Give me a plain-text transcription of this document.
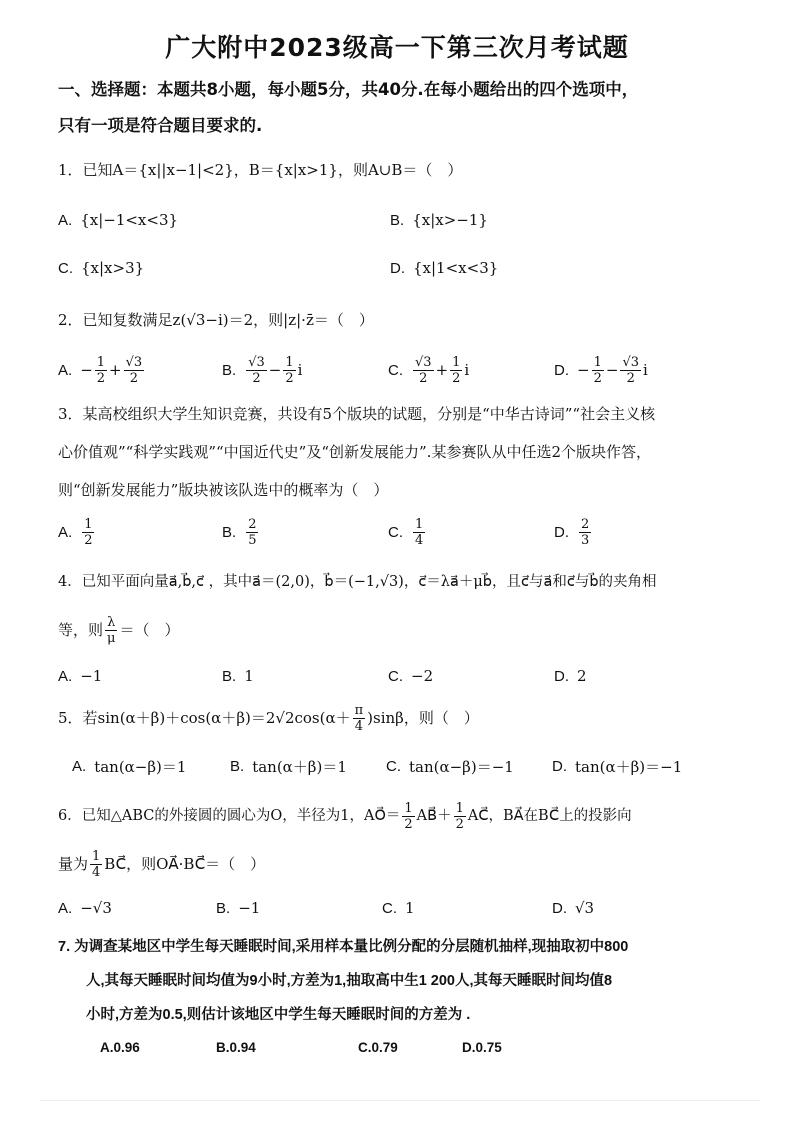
广大附中2023级高一下第三次月考试题
一、选择题：本题共8小题，每小题5分，共40分.在每小题给出的四个选项中，
只有一项是符合题目要求的.
1．已知A＝{x||x−1|<2}，B＝{x|x>1}，则A∪B＝（　）
A. {x|−1<x<3}	B. {x|x>−1}
C. {x|x>3}	D. {x|1<x<3}
2．已知复数满足z(√3−i)＝2，则|z|·z̄＝（　）
A. − $\frac{1}{2} + \frac{√3}{2}$	B. $\frac{√3}{2} - \frac{1}{2}$ i	C. $\frac{√3}{2} + \frac{1}{2}$ i	D. − $\frac{1}{2} - \frac{√3}{2}$ i
3．某高校组织大学生知识竞赛，共设有5个版块的试题，分别是“中华古诗词”“社会主义核
心价值观”“科学实践观”“中国近代史”及“创新发展能力”.某参赛队从中任选2个版块作答，
则“创新发展能力”版块被该队选中的概率为（　）
A. $\frac{1}{2}$	B. $\frac{2}{5}$	C. $\frac{1}{4}$	D. $\frac{2}{3}$
4．已知平面向量a⃗,b⃗,c⃗ ，其中a⃗＝(2,0)，b⃗＝(−1,√3)，c⃗＝λa⃗＋μb⃗，且c⃗与a⃗和c⃗与b⃗的夹角相
等，则 $\frac{\lambda}{\mu}$ ＝（　）
A. −1	B. 1	C. −2	D. 2
5．若$\sin(\alpha+\beta)+\cos(\alpha+\beta)=2√2\cos(\alpha+ \frac{\pi}{4} )\sin\beta$，则（　）
A. tan(α−β)＝1	B. tan(α＋β)＝1	C. tan(α−β)＝−1	D. tan(α＋β)＝−1
6．已知△ABC的外接圆的圆心为O，半径为1，AO⃗＝ $\frac{1}{2}$ AB⃗＋ $\frac{1}{2}$ AC⃗，BA⃗在BC⃗上的投影向
量为 $\frac{1}{4}$ BC⃗，则OA⃗·BC⃗＝（　）
A. −√3	B. −1	C. 1	D. √3
7. 为调查某地区中学生每天睡眠时间,采用样本量比例分配的分层随机抽样,现抽取初中800
人,其每天睡眠时间均值为9小时,方差为1,抽取高中生1 200人,其每天睡眠时间均值8
小时,方差为0.5,则估计该地区中学生每天睡眠时间的方差为 .
A.0.96	B.0.94	C.0.79	D.0.75
